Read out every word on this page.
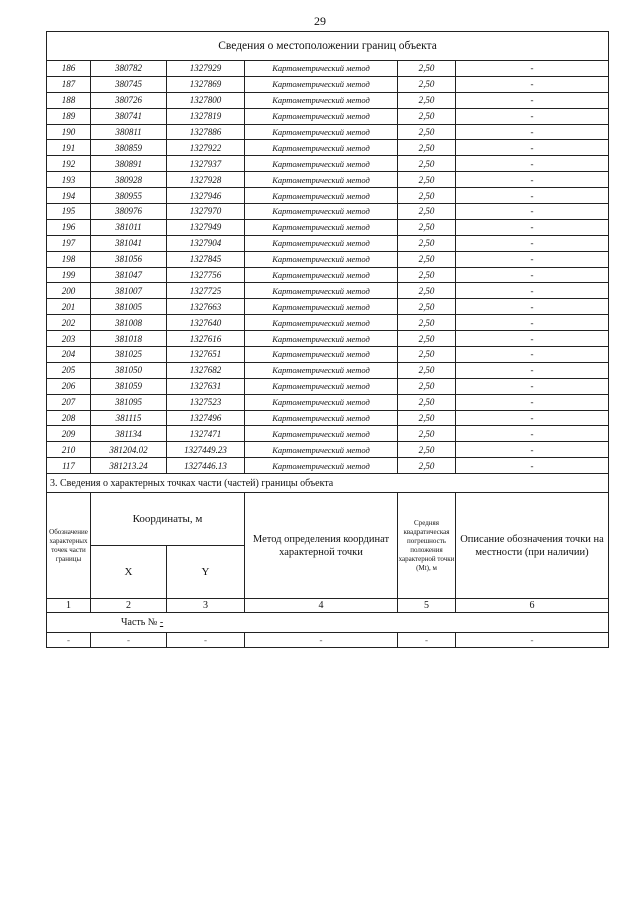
29
Сведения о местоположении границ объекта					
186	380782	1327929	Картометрический метод	2,50	-
187	380745	1327869	Картометрический метод	2,50	-
188	380726	1327800	Картометрический метод	2,50	-
189	380741	1327819	Картометрический метод	2,50	-
190	380811	1327886	Картометрический метод	2,50	-
191	380859	1327922	Картометрический метод	2,50	-
192	380891	1327937	Картометрический метод	2,50	-
193	380928	1327928	Картометрический метод	2,50	-
194	380955	1327946	Картометрический метод	2,50	-
195	380976	1327970	Картометрический метод	2,50	-
196	381011	1327949	Картометрический метод	2,50	-
197	381041	1327904	Картометрический метод	2,50	-
198	381056	1327845	Картометрический метод	2,50	-
199	381047	1327756	Картометрический метод	2,50	-
200	381007	1327725	Картометрический метод	2,50	-
201	381005	1327663	Картометрический метод	2,50	-
202	381008	1327640	Картометрический метод	2,50	-
203	381018	1327616	Картометрический метод	2,50	-
204	381025	1327651	Картометрический метод	2,50	-
205	381050	1327682	Картометрический метод	2,50	-
206	381059	1327631	Картометрический метод	2,50	-
207	381095	1327523	Картометрический метод	2,50	-
208	381115	1327496	Картометрический метод	2,50	-
209	381134	1327471	Картометрический метод	2,50	-
210	381204.02	1327449.23	Картометрический метод	2,50	-
117	381213.24	1327446.13	Картометрический метод	2,50	-
3. Сведения о характерных точках части (частей) границы объекта					
Обозначение характерных точек части границы	Координаты, м		Метод определения координат характерной точки	Средняя квадратическая погрешность положения характерной точки (Mt), м	Описание обозначения точки на местности (при наличии)
	X	Y			
1	2	3	4	5	6
Часть № -					
-	-	-	-	-	-
